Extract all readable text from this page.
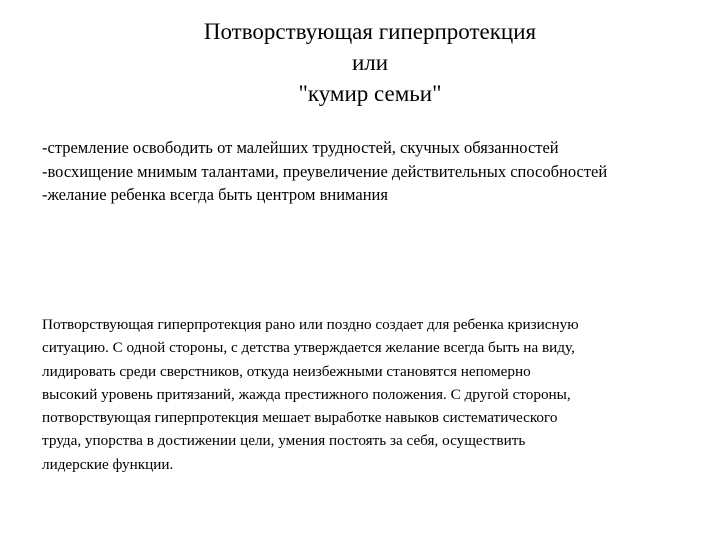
Потворствующая гиперпротекция
или
"кумир семьи"
-стремление освободить от малейших трудностей, скучных обязанностей
-восхищение мнимым талантами, преувеличение действительных способностей
-желание ребенка всегда быть центром внимания
Потворствующая гиперпротекция рано или поздно создает для ребенка кризисную
ситуацию. С одной стороны, с детства утверждается желание всегда быть на виду,
лидировать среди сверстников, откуда неизбежными становятся непомерно
высокий уровень притязаний, жажда престижного положения. С другой стороны,
потворствующая гиперпротекция мешает выработке навыков систематического
труда, упорства в достижении цели, умения постоять за себя, осуществить
лидерские функции.
